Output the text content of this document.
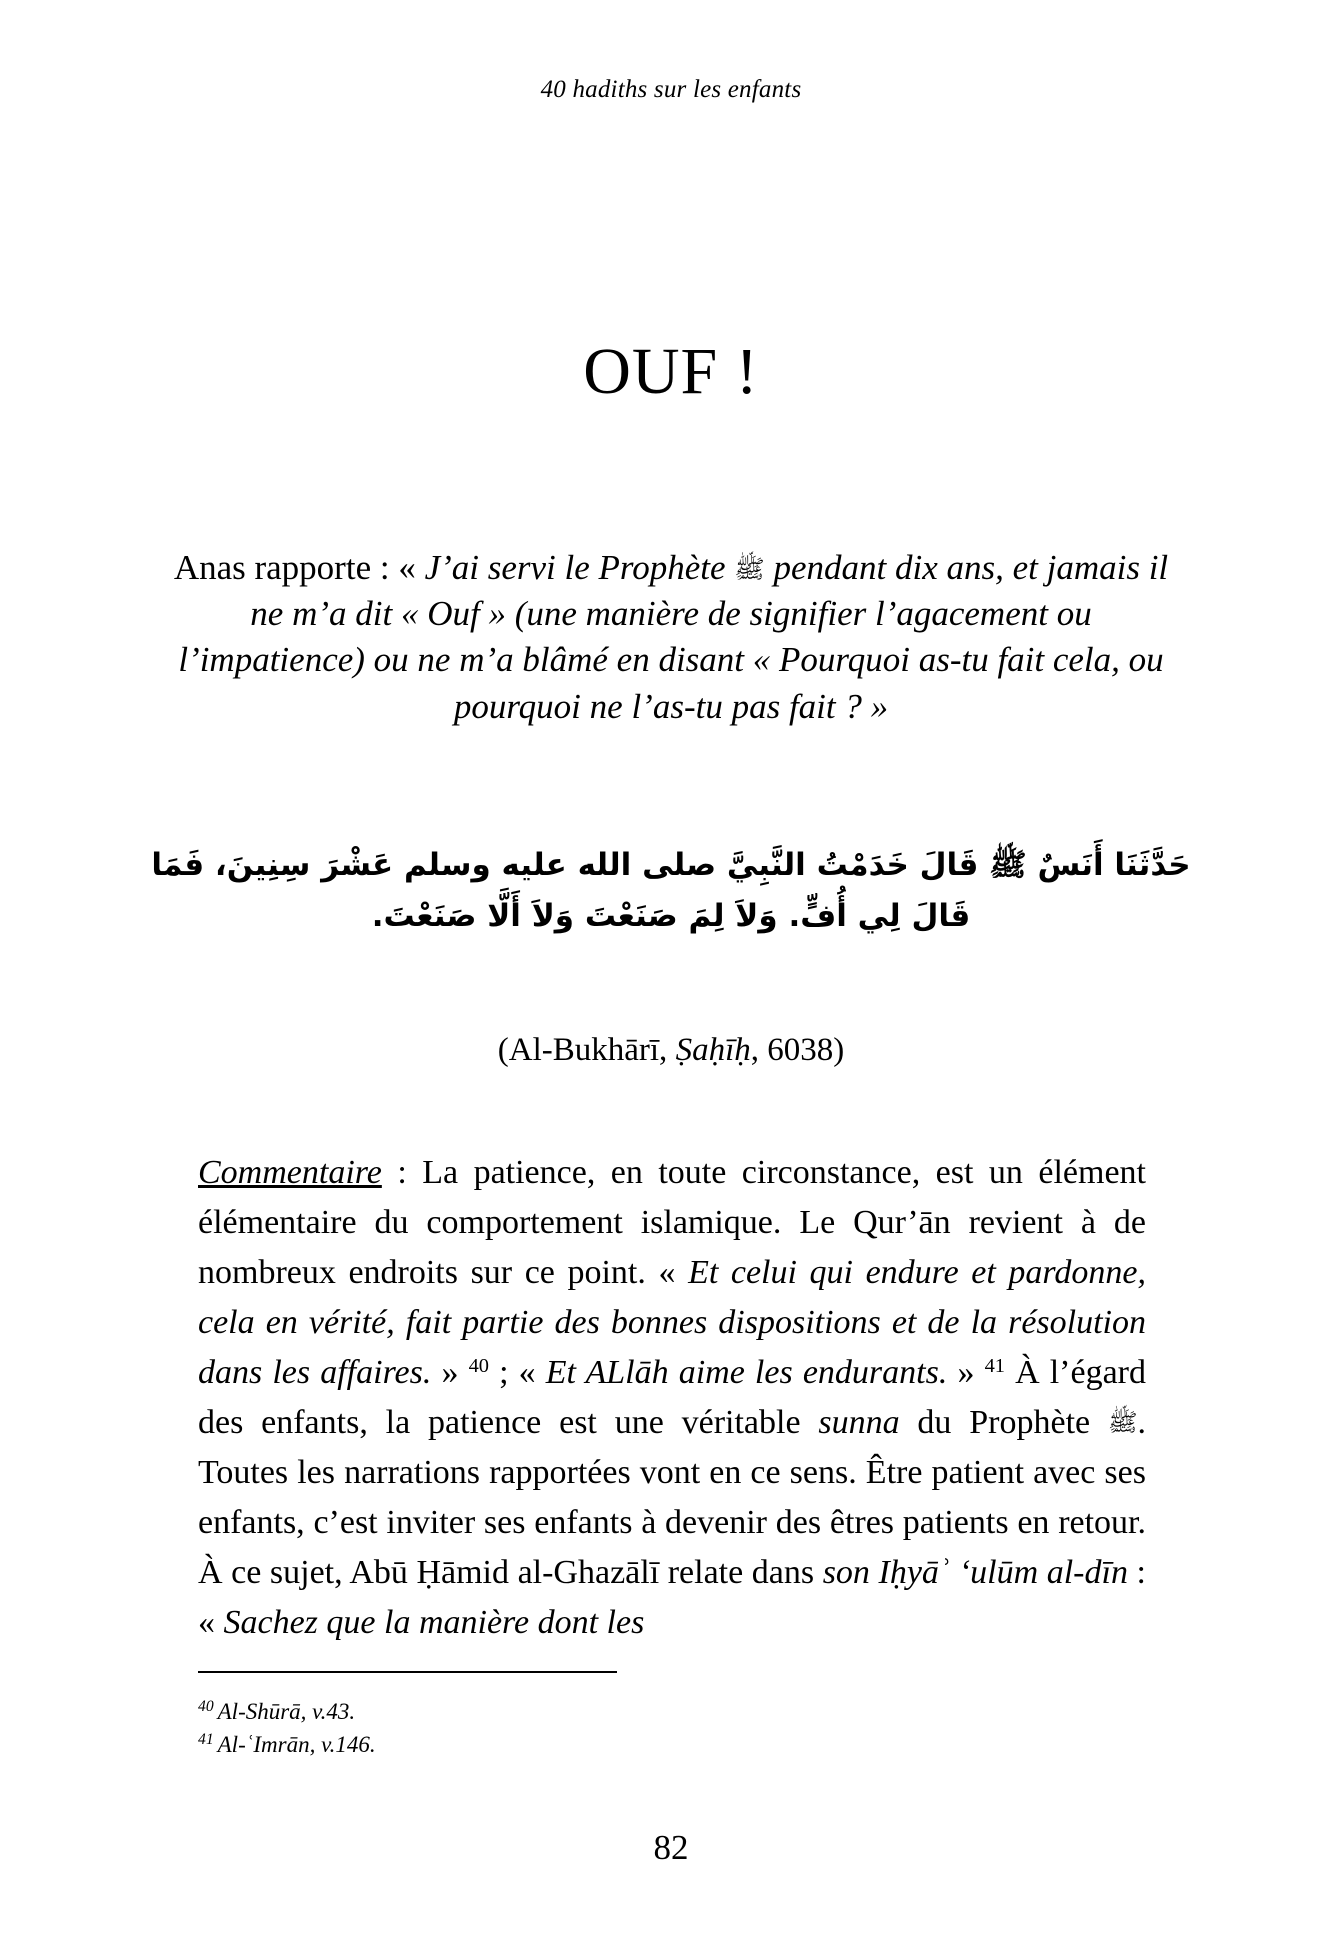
40 hadiths sur les enfants
OUF !
Anas rapporte : « J’ai servi le Prophète ﷺ pendant dix ans, et jamais il ne m’a dit « Ouf » (une manière de signifier l’agacement ou l’impatience) ou ne m’a blâmé en disant « Pourquoi as-tu fait cela, ou pourquoi ne l’as-tu pas fait ? »
حَدَّثَنَا أَنَسٌ ﷺ قَالَ خَدَمْتُ النَّبِيَّ صلى الله عليه وسلم عَشْرَ سِنِينَ، فَمَا
قَالَ لِي أُفٍّ. وَلاَ لِمَ صَنَعْتَ وَلاَ أَلَّا صَنَعْتَ.
(Al-Bukhārī, Ṣaḥīḥ, 6038)
Commentaire : La patience, en toute circonstance, est un élément élémentaire du comportement islamique. Le Qur’ān revient à de nombreux endroits sur ce point. « Et celui qui endure et pardonne, cela en vérité, fait partie des bonnes dispositions et de la résolution dans les affaires. » $^{40}$ ; « Et ALlāh aime les endurants. » $^{41}$ À l’égard des enfants, la patience est une véritable sunna du Prophète ﷺ. Toutes les narrations rapportées vont en ce sens. Être patient avec ses enfants, c’est inviter ses enfants à devenir des êtres patients en retour. À ce sujet, Abū Ḥāmid al-Ghazālī relate dans son Iḥyāʾ ʻulūm al-dīn : « Sachez que la manière dont les
$^{40}$ Al-Shūrā, v.43.
$^{41}$ Al-ʿImrān, v.146.
82
